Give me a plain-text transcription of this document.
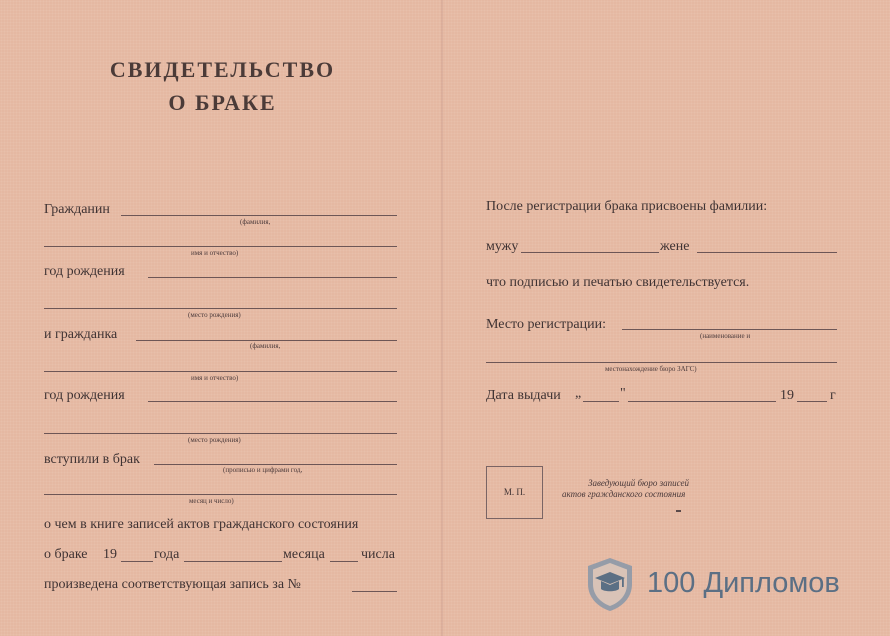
СВИДЕТЕЛЬСТВО
О БРАКЕ
Гражданин
(фамилия,
имя и отчество)
год рождения
(место рождения)
и гражданка
(фамилия,
имя и отчество)
год рождения
(место рождения)
вступили в брак
(прописью и цифрами год,
месяц и число)
о чем в книге записей актов гражданского состояния
о браке 19	года	месяца	числа
произведена соответствующая запись за №
После регистрации брака присвоены фамилии:
мужу	жене
что подписью и печатью свидетельствуется.
Место регистрации:
(наименование и
местонахождение бюро ЗАГС)
Дата выдачи „	"	19	г
М. П.
Заведующий бюро записей
актов гражданского состояния
100 Дипломов
